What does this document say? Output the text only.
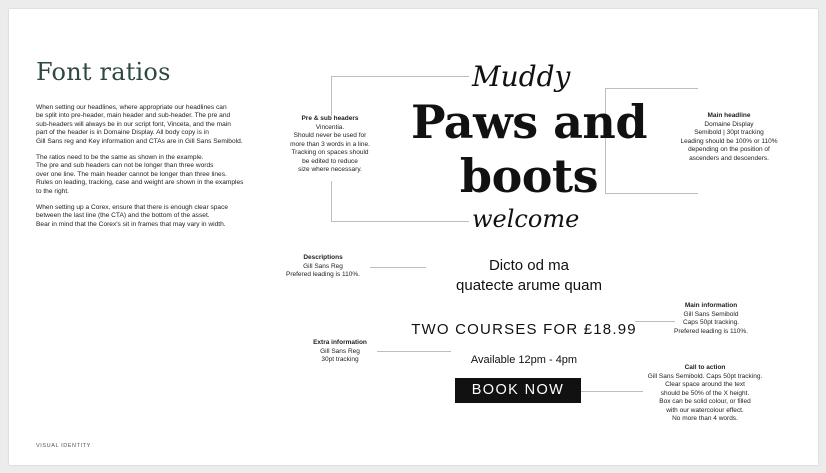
Font ratios

When setting our headlines, where appropriate our headlines can
be split into pre-header, main header and sub-header. The pre and
sub-headers will always be in our script font, Vinceta, and the main
part of the header is in Domaine Display. All body copy is in
Gill Sans reg and Key information and CTAs are in Gill Sans Semibold.

The ratios need to be the same as shown in the example.
The pre and sub headers can not be longer than three words
over one line. The main header cannot be longer than three lines.
Rules on leading, tracking, case and weight are shown in the examples
to the right.

When setting up a Corex, ensure that there is enough clear space
between the last line (the CTA) and the bottom of the asset.
Bear in mind that the Corex's sit in frames that may vary in width.

VISUAL IDENTITY
Pre & sub headers
Vincentia.
Should never be used for
more than 3 words in a line.
Tracking on spaces should
be edited to reduce
size where necessary.
Main headline
Domaine Display
Semibold | 30pt tracking
Leading should be 100% or 110%
depending on the position of
ascenders and descenders.
Descriptions
Gill Sans Reg
Prefered leading is 110%.
Main information
Gill Sans Semibold
Caps 50pt tracking.
Prefered leading is 110%.
Extra information
Gill Sans Reg
30pt tracking
Call to action
Gill Sans Semibold. Caps 50pt tracking.
Clear space around the text
should be 50% of the X height.
Box can be solid colour, or filled
with our watercolour effect.
No more than 4 words.
Muddy
Paws and
boots
welcome
Dicto od ma
quatecte arume quam
TWO COURSES FOR £18.99
Available 12pm - 4pm
BOOK NOW
